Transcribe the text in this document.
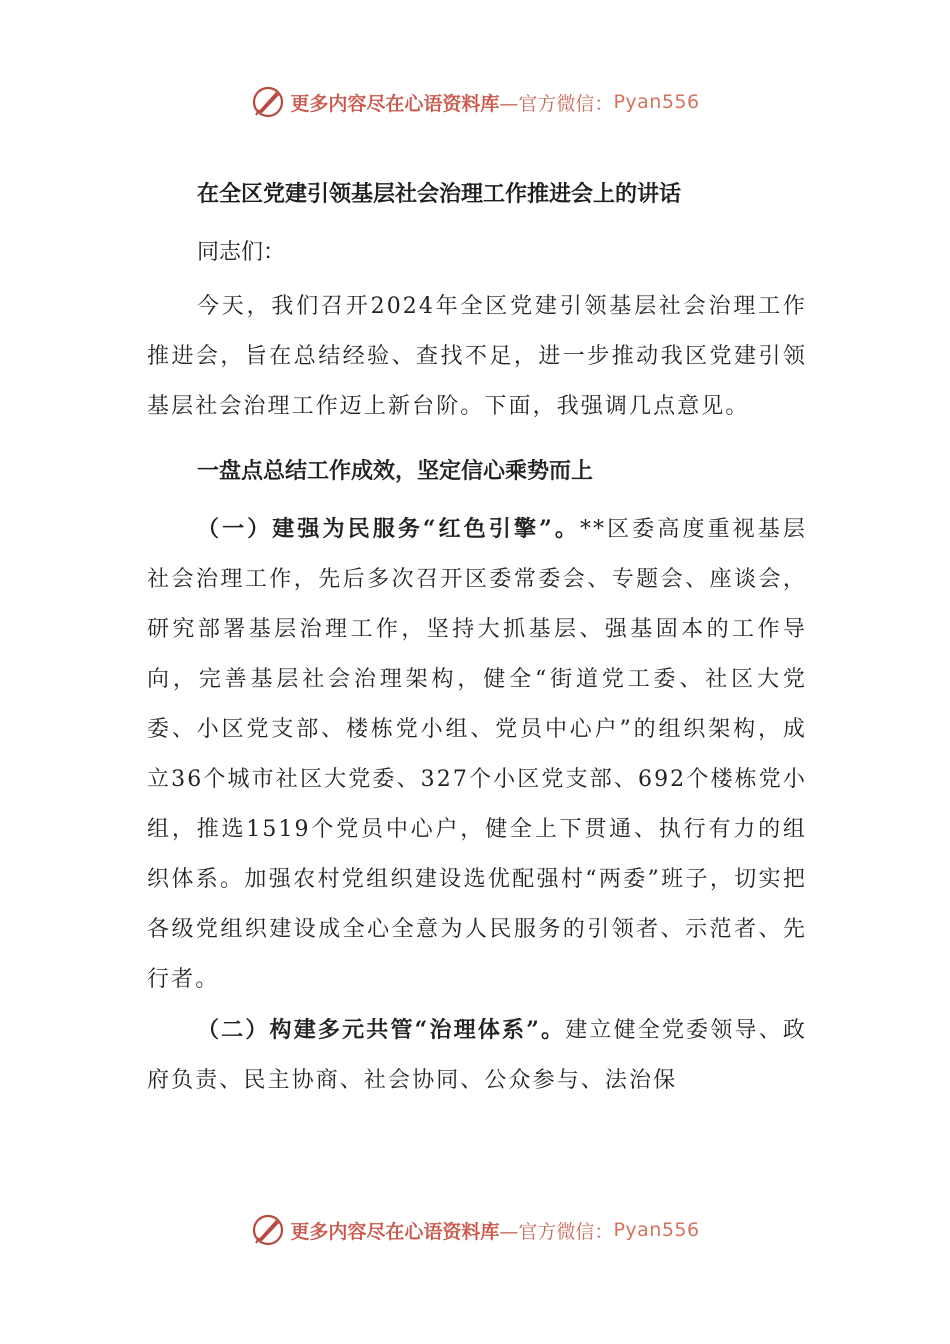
更多内容尽在心语资料库 —官方微信： Pyan556
在全区党建引领基层社会治理工作推进会上的讲话
同志们：

今天，我们召开2024年全区党建引领基层社会治理工作推进会，旨在总结经验、查找不足，进一步推动我区党建引领基层社会治理工作迈上新台阶。下面，我强调几点意见。

一盘点总结工作成效，坚定信心乘势而上

（一）建强为民服务“红色引擎”。**区委高度重视基层社会治理工作，先后多次召开区委常委会、专题会、座谈会，研究部署基层治理工作，坚持大抓基层、强基固本的工作导向，完善基层社会治理架构，健全“街道党工委、社区大党委、小区党支部、楼栋党小组、党员中心户”的组织架构，成立36个城市社区大党委、327个小区党支部、692个楼栋党小组，推选1519个党员中心户，健全上下贯通、执行有力的组织体系。加强农村党组织建设选优配强村“两委”班子，切实把各级党组织建设成全心全意为人民服务的引领者、示范者、先行者。

（二）构建多元共管“治理体系”。建立健全党委领导、政府负责、民主协商、社会协同、公众参与、法治保

更多内容尽在心语资料库 —官方微信： Pyan556
